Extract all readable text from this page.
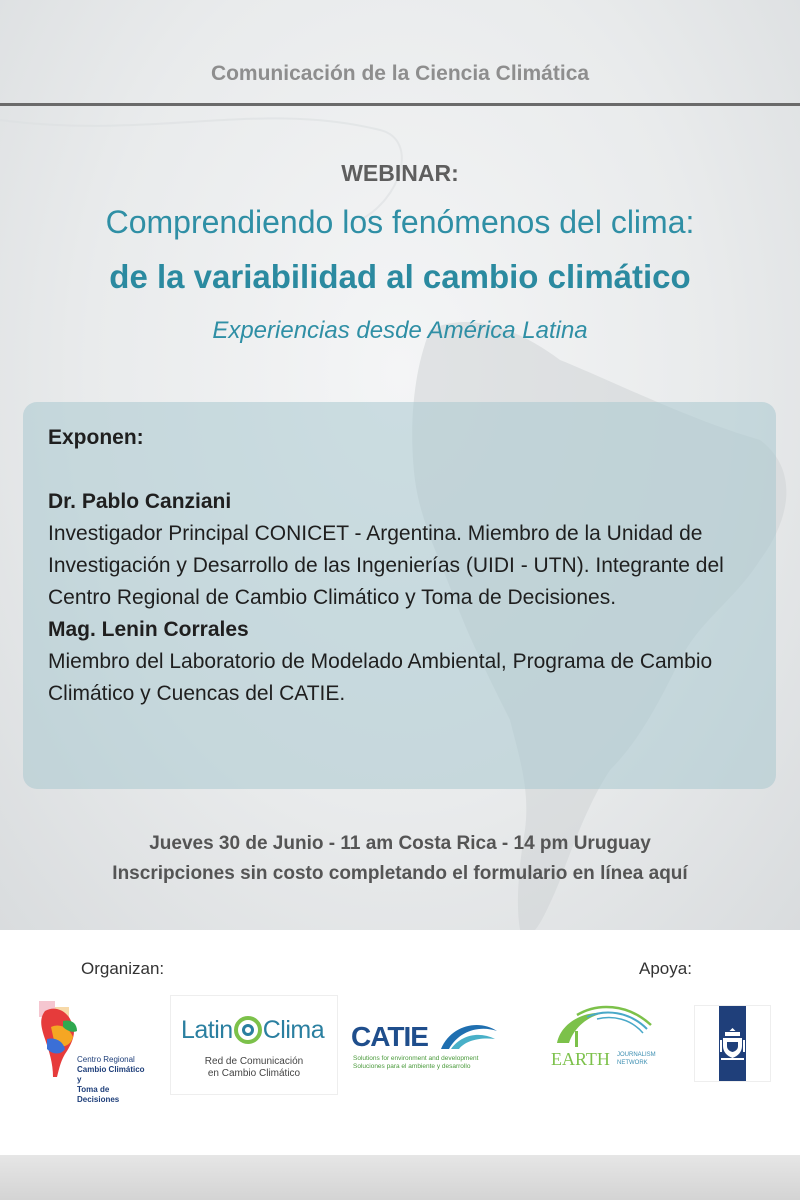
Comunicación de la Ciencia Climática
WEBINAR:
Comprendiendo los fenómenos del clima:
de la variabilidad al cambio climático
Experiencias desde América Latina
Exponen:
Dr. Pablo Canziani
Investigador Principal CONICET - Argentina. Miembro de la Unidad de Investigación y Desarrollo de las Ingenierías (UIDI - UTN). Integrante del Centro Regional de Cambio Climático y Toma de Decisiones.
Mag. Lenin Corrales
Miembro del Laboratorio de Modelado Ambiental, Programa de Cambio Climático y Cuencas del CATIE.
Jueves 30 de Junio - 11 am Costa Rica - 14 pm Uruguay
Inscripciones sin costo completando el formulario en línea aquí
Organizan:	Apoya:
Centro Regional
Cambio Climático y
Toma de Decisiones
Latin Clima
Red de Comunicación
en Cambio Climático
CATIE
Solutions for environment and development
Soluciones para el ambiente y desarrollo	EARTH JOURNALISM
NETWORK
